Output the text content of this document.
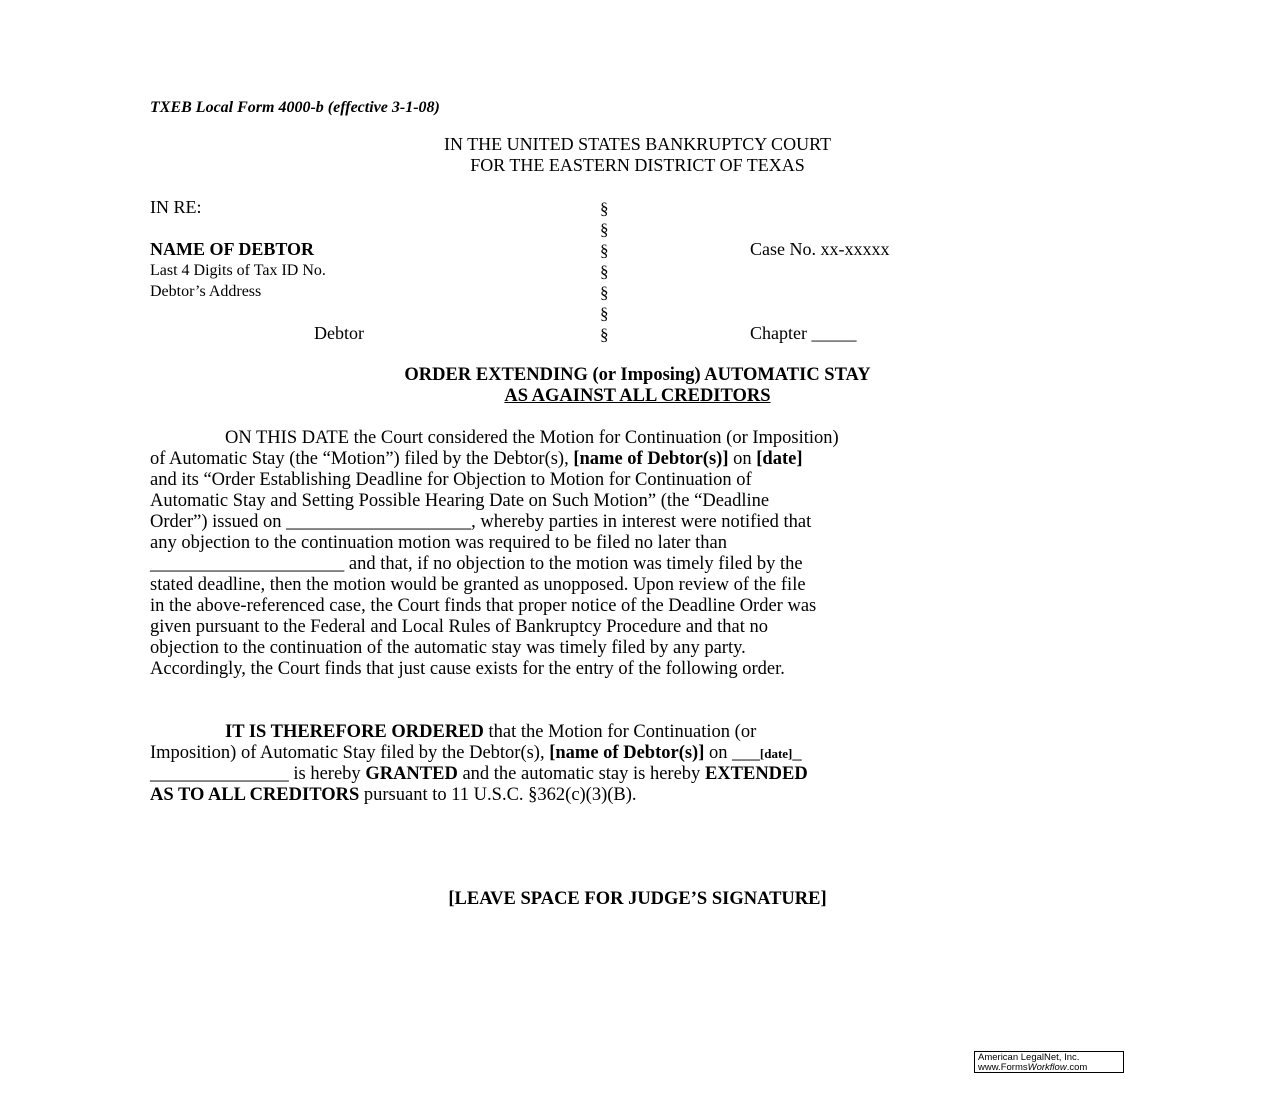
TXEB Local Form 4000-b (effective 3-1-08)
IN THE UNITED STATES BANKRUPTCY COURT
FOR THE EASTERN DISTRICT OF TEXAS
IN RE:
NAME OF DEBTOR
Last 4 Digits of Tax ID No.
Debtor’s Address
Debtor
§
§
§
§
§
§
§
Case No. xx-xxxxx
Chapter _____
ORDER EXTENDING (or Imposing) AUTOMATIC STAY
AS AGAINST ALL CREDITORS
ON THIS DATE the Court considered the Motion for Continuation (or Imposition)
of Automatic Stay (the “Motion”) filed by the Debtor(s), [name of Debtor(s)] on [date]
and its “Order Establishing Deadline for Objection to Motion for Continuation of
Automatic Stay and Setting Possible Hearing Date on Such Motion” (the “Deadline
Order”) issued on ____________________, whereby parties in interest were notified that
any objection to the continuation motion was required to be filed no later than
_____________________ and that, if no objection to the motion was timely filed by the
stated deadline, then the motion would be granted as unopposed. Upon review of the file
in the above-referenced case, the Court finds that proper notice of the Deadline Order was
given pursuant to the Federal and Local Rules of Bankruptcy Procedure and that no
objection to the continuation of the automatic stay was timely filed by any party.
Accordingly, the Court finds that just cause exists for the entry of the following order.
IT IS THEREFORE ORDERED that the Motion for Continuation (or
Imposition) of Automatic Stay filed by the Debtor(s), [name of Debtor(s)] on ___[date]_
_______________ is hereby GRANTED and the automatic stay is hereby EXTENDED
AS TO ALL CREDITORS pursuant to 11 U.S.C. §362(c)(3)(B).
[LEAVE SPACE FOR JUDGE’S SIGNATURE]
American LegalNet, Inc.
www.FormsWorkflow.com
